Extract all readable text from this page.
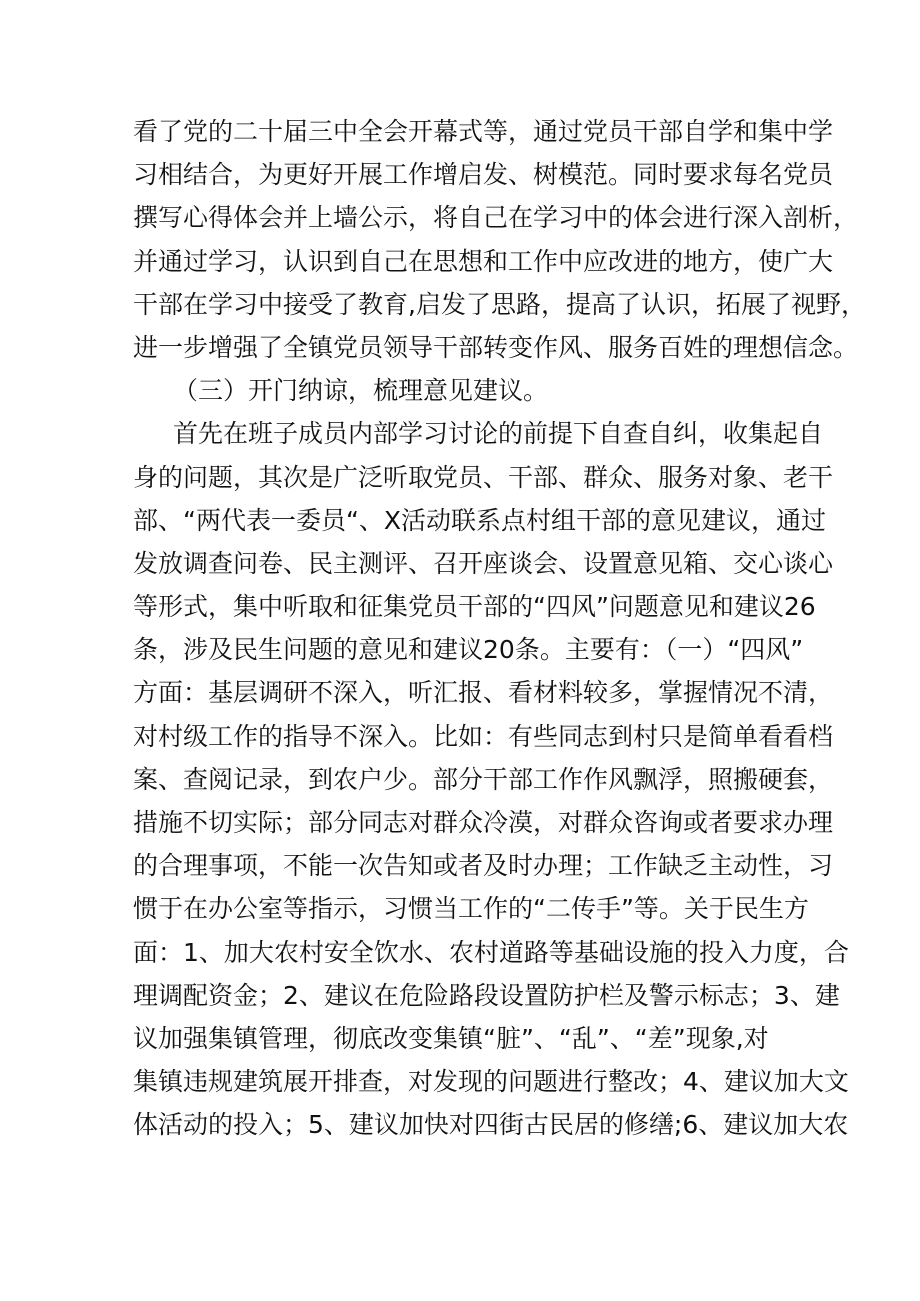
看了党的二十届三中全会开幕式等，通过党员干部自学和集中学
习相结合，为更好开展工作增启发、树模范。同时要求每名党员
撰写心得体会并上墙公示，将自己在学习中的体会进行深入剖析，
并通过学习，认识到自己在思想和工作中应改进的地方，使广大
干部在学习中接受了教育,启发了思路，提高了认识，拓展了视野，
进一步增强了全镇党员领导干部转变作风、服务百姓的理想信念。
（三）开门纳谅，梳理意见建议。
首先在班子成员内部学习讨论的前提下自查自纠，收集起自
身的问题，其次是广泛听取党员、干部、群众、服务对象、老干
部、“两代表一委员“、X活动联系点村组干部的意见建议，通过
发放调查问卷、民主测评、召开座谈会、设置意见箱、交心谈心
等形式，集中听取和征集党员干部的“四风”问题意见和建议26
条，涉及民生问题的意见和建议20条。主要有：（一）“四风”
方面：基层调研不深入，听汇报、看材料较多，掌握情况不清，
对村级工作的指导不深入。比如：有些同志到村只是简单看看档
案、查阅记录，到农户少。部分干部工作作风飘浮，照搬硬套，
措施不切实际；部分同志对群众冷漠，对群众咨询或者要求办理
的合理事项，不能一次告知或者及时办理；工作缺乏主动性，习
惯于在办公室等指示，习惯当工作的“二传手”等。关于民生方
面：1、加大农村安全饮水、农村道路等基础设施的投入力度，合
理调配资金；2、建议在危险路段设置防护栏及警示标志；3、建
议加强集镇管理，彻底改变集镇“脏”、“乱”、“差”现象,对
集镇违规建筑展开排查，对发现的问题进行整改；4、建议加大文
体活动的投入；5、建议加快对四街古民居的修缮;6、建议加大农
